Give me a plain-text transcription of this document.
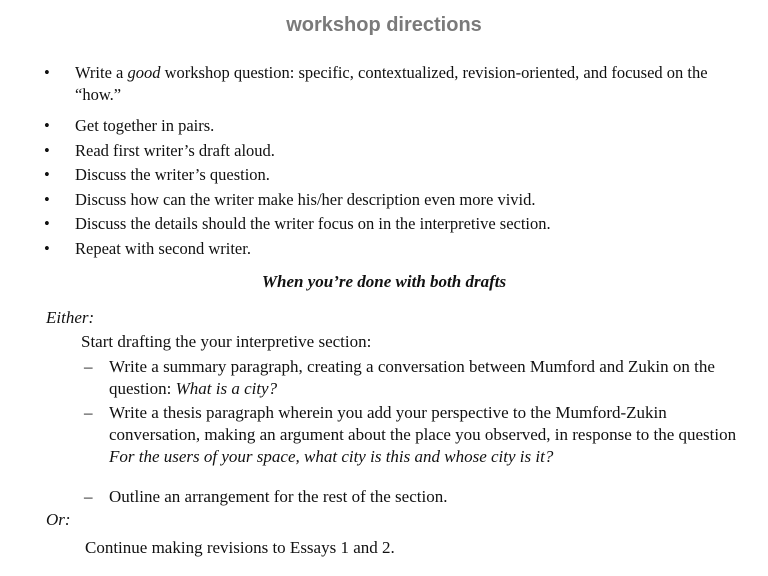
workshop directions
• Write a good workshop question: specific, contextualized, revision-oriented, and focused on the “how.”
• Get together in pairs.
• Read first writer’s draft aloud.
• Discuss the writer’s question.
• Discuss how can the writer make his/her description even more vivid.
• Discuss the details should the writer focus on in the interpretive section.
• Repeat with second writer.
When you’re done with both drafts
Either:
Start drafting the your interpretive section:
– Write a summary paragraph, creating a conversation between Mumford and Zukin on the question: What is a city?
– Write a thesis paragraph wherein you add your perspective to the Mumford-Zukin conversation, making an argument about the place you observed, in response to the question For the users of your space, what city is this and whose city is it?
– Outline an arrangement for the rest of the section.
Or:
Continue making revisions to Essays 1 and 2.
